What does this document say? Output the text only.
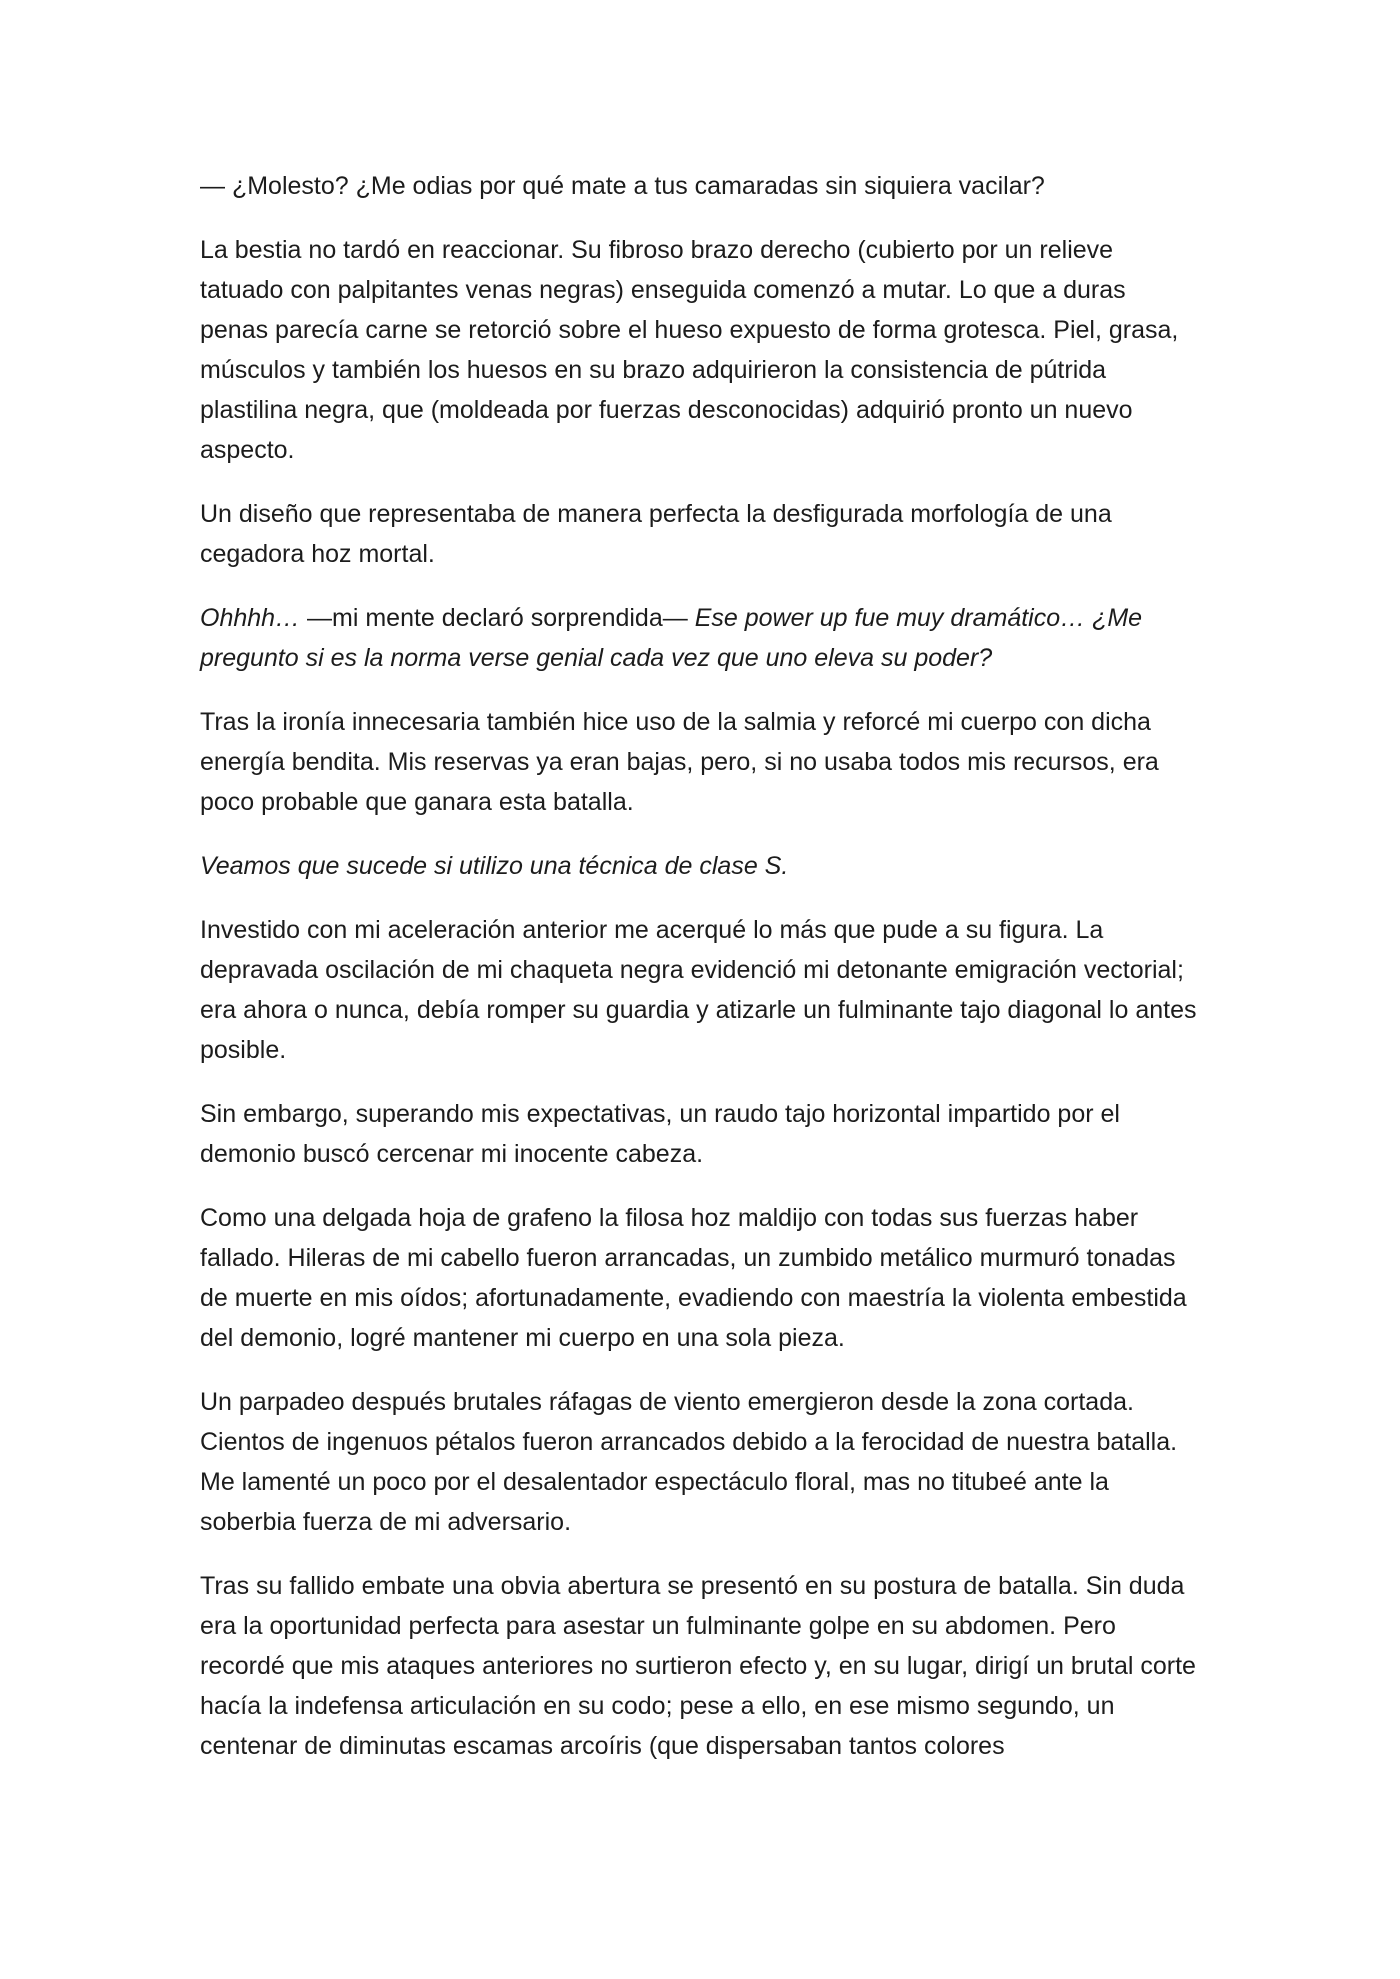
— ¿Molesto? ¿Me odias por qué mate a tus camaradas sin siquiera vacilar?

La bestia no tardó en reaccionar. Su fibroso brazo derecho (cubierto por un relieve tatuado con palpitantes venas negras) enseguida comenzó a mutar. Lo que a duras penas parecía carne se retorció sobre el hueso expuesto de forma grotesca. Piel, grasa, músculos y también los huesos en su brazo adquirieron la consistencia de pútrida plastilina negra, que (moldeada por fuerzas desconocidas) adquirió pronto un nuevo aspecto.

Un diseño que representaba de manera perfecta la desfigurada morfología de una cegadora hoz mortal.

Ohhhh… —mi mente declaró sorprendida— Ese power up fue muy dramático… ¿Me pregunto si es la norma verse genial cada vez que uno eleva su poder?

Tras la ironía innecesaria también hice uso de la salmia y reforcé mi cuerpo con dicha energía bendita. Mis reservas ya eran bajas, pero, si no usaba todos mis recursos, era poco probable que ganara esta batalla.

Veamos que sucede si utilizo una técnica de clase S.

Investido con mi aceleración anterior me acerqué lo más que pude a su figura. La depravada oscilación de mi chaqueta negra evidenció mi detonante emigración vectorial; era ahora o nunca, debía romper su guardia y atizarle un fulminante tajo diagonal lo antes posible.

Sin embargo, superando mis expectativas, un raudo tajo horizontal impartido por el demonio buscó cercenar mi inocente cabeza.

Como una delgada hoja de grafeno la filosa hoz maldijo con todas sus fuerzas haber fallado. Hileras de mi cabello fueron arrancadas, un zumbido metálico murmuró tonadas de muerte en mis oídos; afortunadamente, evadiendo con maestría la violenta embestida del demonio, logré mantener mi cuerpo en una sola pieza.

Un parpadeo después brutales ráfagas de viento emergieron desde la zona cortada. Cientos de ingenuos pétalos fueron arrancados debido a la ferocidad de nuestra batalla. Me lamenté un poco por el desalentador espectáculo floral, mas no titubeé ante la soberbia fuerza de mi adversario.

Tras su fallido embate una obvia abertura se presentó en su postura de batalla. Sin duda era la oportunidad perfecta para asestar un fulminante golpe en su abdomen. Pero recordé que mis ataques anteriores no surtieron efecto y, en su lugar, dirigí un brutal corte hacía la indefensa articulación en su codo; pese a ello, en ese mismo segundo, un centenar de diminutas escamas arcoíris (que dispersaban tantos colores
